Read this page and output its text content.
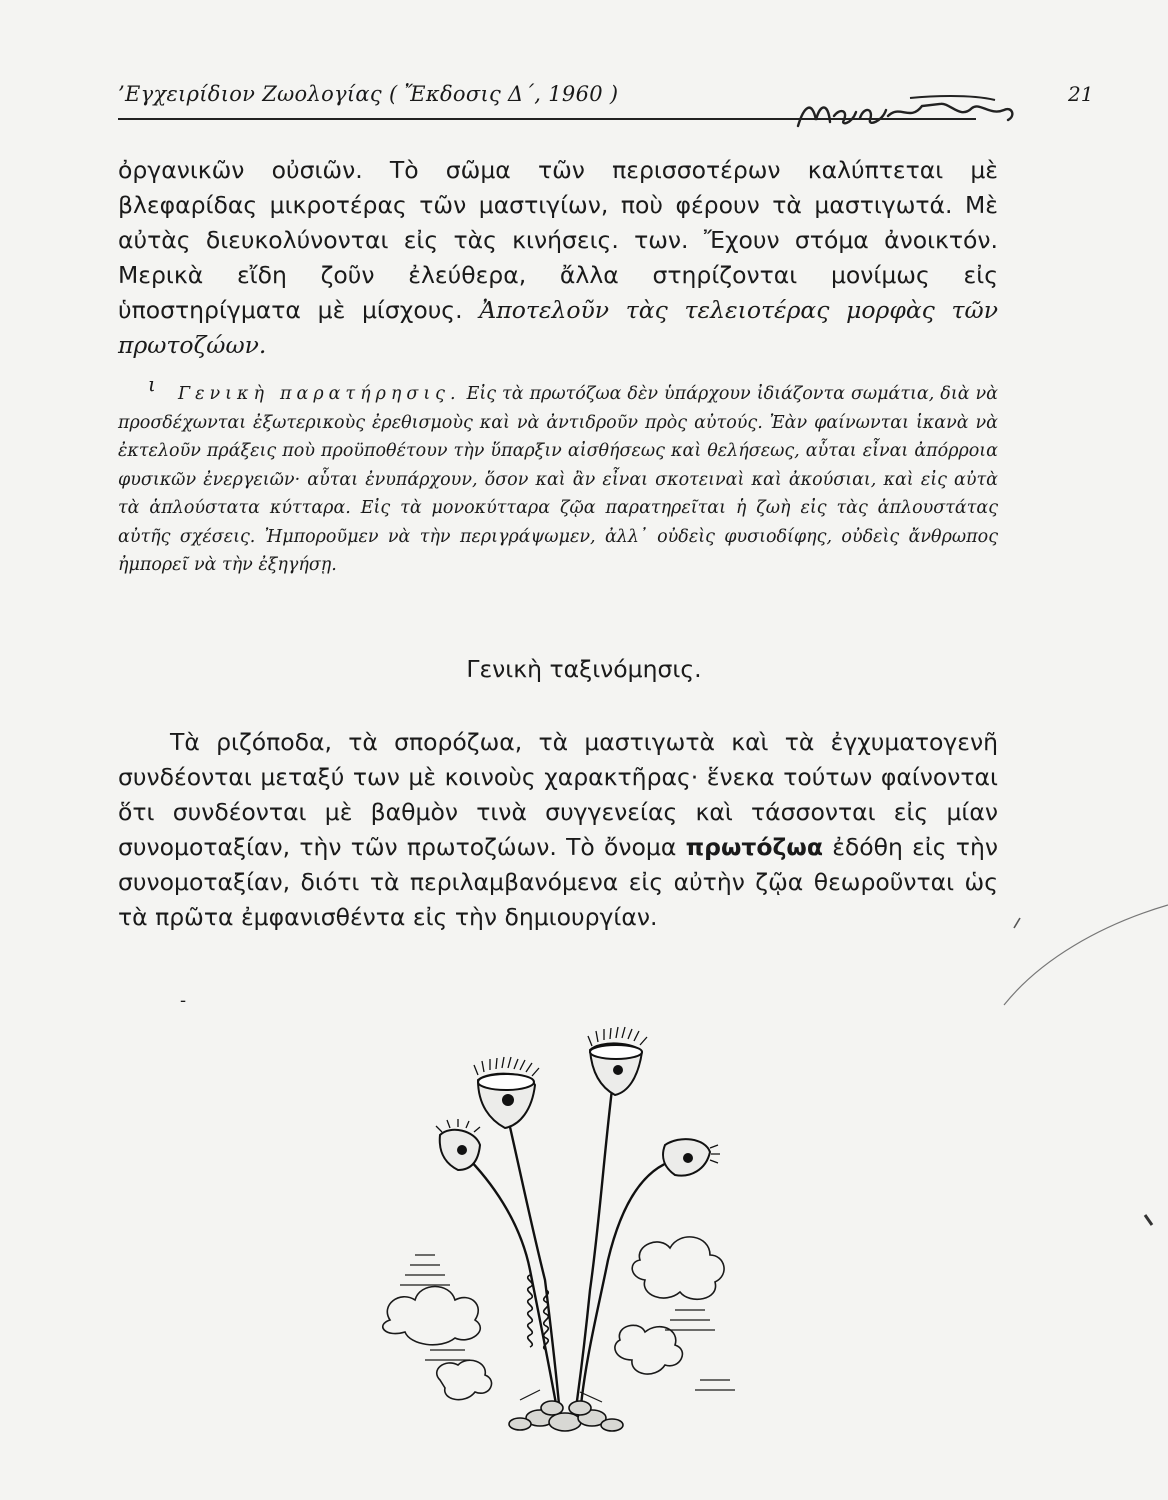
’Εγχειρίδιον Ζωολογίας ( Ἔκδοσις Δ΄, 1960 )	21

ὀργανικῶν οὐσιῶν. Τὸ σῶμα τῶν περισσοτέρων καλύπτεται μὲ βλεφαρίδας μικροτέρας τῶν μαστιγίων, ποὺ φέρουν τὰ μαστιγωτά. Μὲ αὐτὰς διευκολύνονται εἰς τὰς κινήσεις. των. Ἔχουν στόμα ἀνοικτόν. Μερικὰ εἴδη ζοῦν ἐλεύθερα, ἄλλα στηρίζονται μονίμως εἰς ὑποστηρίγματα μὲ μίσχους. Ἀποτελοῦν τὰς τελειοτέρας μορφὰς τῶν πρωτοζώων.

ι	Γενικὴ παρατήρησις. Εἰς τὰ πρωτόζωα δὲν ὑπάρχουν ἰδιάζοντα σωμάτια, διὰ νὰ προσδέχωνται ἐξωτερικοὺς ἐρεθισμοὺς καὶ νὰ ἀντιδροῦν πρὸς αὐτούς. Ἐὰν φαίνωνται ἱκανὰ νὰ ἐκτελοῦν πράξεις ποὺ προϋποθέτουν τὴν ὕπαρξιν αἰσθήσεως καὶ θελήσεως, αὗται εἶναι ἀπόρροια φυσικῶν ἐνεργειῶν· αὗται ἐνυπάρχουν, ὅσον καὶ ἂν εἶναι σκοτειναὶ καὶ ἀκούσιαι, καὶ εἰς αὐτὰ τὰ ἁπλούστατα κύτταρα. Εἰς τὰ μονοκύτταρα ζῷα παρατηρεῖται ἡ ζωὴ εἰς τὰς ἁπλουστάτας αὐτῆς σχέσεις. Ἠμποροῦμεν νὰ τὴν περιγράψωμεν, ἀλλ᾽ οὐδεὶς φυσιοδίφης, οὐδεὶς ἄνθρωπος ἠμπορεῖ νὰ τὴν ἐξηγήσῃ.

Γενικὴ ταξινόμησις.

Τὰ ριζόποδα, τὰ σπορόζωα, τὰ μαστιγωτὰ καὶ τὰ ἐγχυματογενῆ συνδέονται μεταξύ των μὲ κοινοὺς χαρακτῆρας· ἕνεκα τούτων φαίνονται ὅτι συνδέονται μὲ βαθμὸν τινὰ συγγενείας καὶ τάσσονται εἰς μίαν συνομοταξίαν, τὴν τῶν πρωτοζώων. Τὸ ὄνομα πρωτόζωα ἐδόθη εἰς τὴν συνομοταξίαν, διότι τὰ περιλαμβανόμενα εἰς αὐτὴν ζῷα θεωροῦνται ὡς τὰ πρῶτα ἐμφανισθέντα εἰς τὴν δημιουργίαν.

-
